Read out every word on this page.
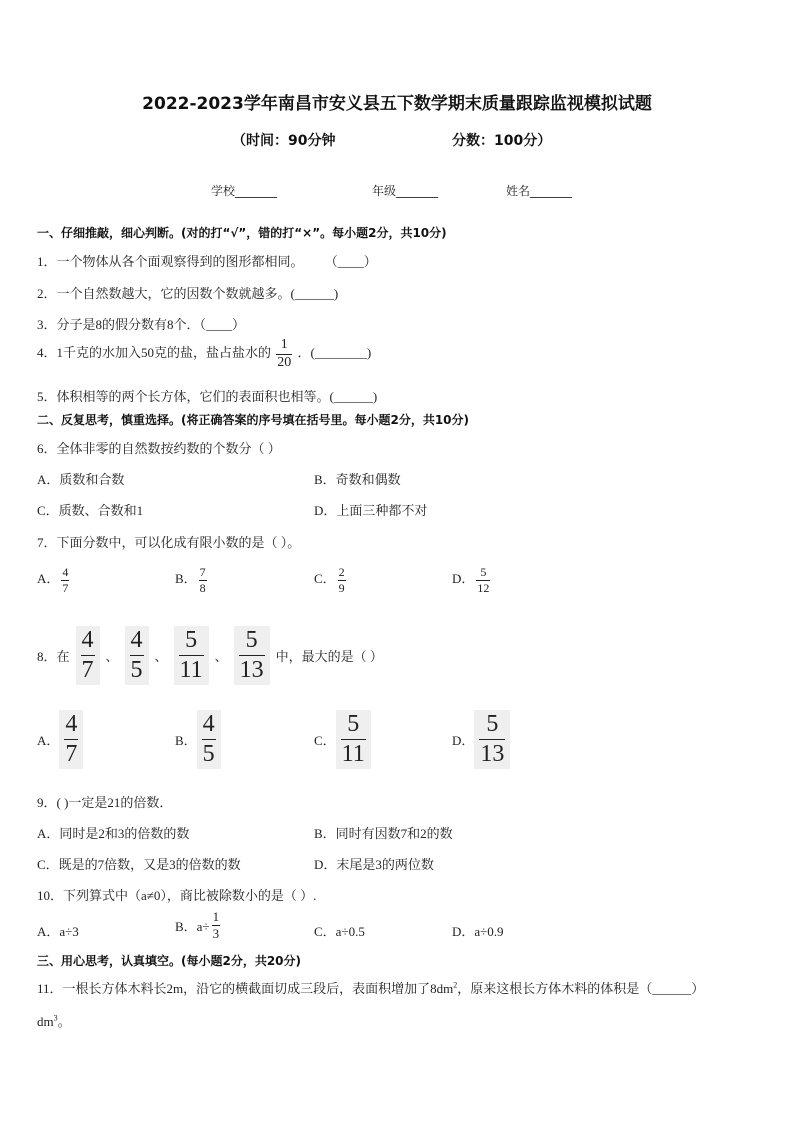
2022-2023学年南昌市安义县五下数学期末质量跟踪监视模拟试题
（时间：90分钟	分数：100分）
学校_______	年级_______	姓名_______
一、仔细推敲，细心判断。(对的打“√”，错的打“×”。每小题2分，共10分)
1．一个物体从各个面观察得到的图形都相同。 （____）
2．一个自然数越大，它的因数个数就越多。(______)
3．分子是8的假分数有8个．（____）
4．1千克的水加入50克的盐，盐占盐水的 $\frac{1}{20}$ ．(________)
5．体积相等的两个长方体，它们的表面积也相等。(______)
二、反复思考，慎重选择。(将正确答案的序号填在括号里。每小题2分，共10分)
6．全体非零的自然数按约数的个数分（ ）
A．质数和合数	B．奇数和偶数
C．质数、合数和1	D．上面三种都不对
7．下面分数中，可以化成有限小数的是（ ）。
A． $\frac{4}{7}$	B． $\frac{7}{8}$	C． $\frac{2}{9}$	D． $\frac{5}{12}$
8．在 $\frac{4}{7}$ 、 $\frac{4}{5}$ 、 $\frac{5}{11}$ 、 $\frac{5}{13}$ 中，最大的是（ ）
A． $\frac{4}{7}$	B． $\frac{4}{5}$	C． $\frac{5}{11}$	D． $\frac{5}{13}$
9．( )一定是21的倍数．
A．同时是2和3的倍数的数	B．同时有因数7和2的数
C．既是的7倍数，又是3的倍数的数	D．末尾是3的两位数
10．下列算式中（a≠0），商比被除数小的是（ ）.
A．a÷3	B．$a\div \frac{1}{3}$	C．a÷0.5	D．a÷0.9
三、用心思考，认真填空。(每小题2分，共20分)
11．一根长方体木料长2m，沿它的横截面切成三段后，表面积增加了$8dm^2$，原来这根长方体木料的体积是（______）
$dm^3$。
